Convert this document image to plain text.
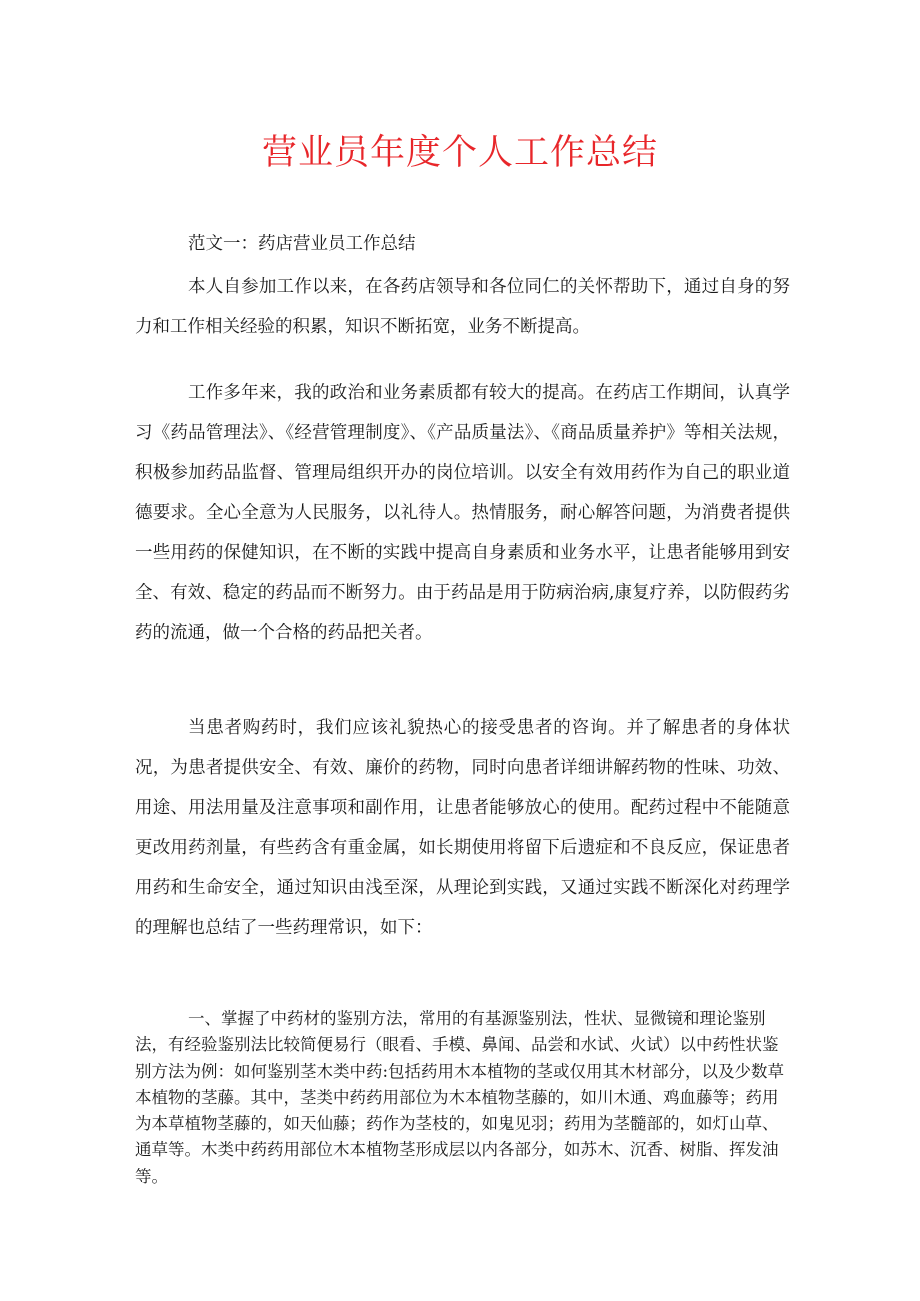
营业员年度个人工作总结

范文一：药店营业员工作总结

本人自参加工作以来，在各药店领导和各位同仁的关怀帮助下，通过自身的努力和工作相关经验的积累，知识不断拓宽，业务不断提高。

工作多年来，我的政治和业务素质都有较大的提高。在药店工作期间，认真学习《药品管理法》、《经营管理制度》、《产品质量法》、《商品质量养护》等相关法规，积极参加药品监督、管理局组织开办的岗位培训。以安全有效用药作为自己的职业道德要求。全心全意为人民服务，以礼待人。热情服务，耐心解答问题，为消费者提供一些用药的保健知识，在不断的实践中提高自身素质和业务水平，让患者能够用到安全、有效、稳定的药品而不断努力。由于药品是用于防病治病,康复疗养，以防假药劣药的流通，做一个合格的药品把关者。

当患者购药时，我们应该礼貌热心的接受患者的咨询。并了解患者的身体状况，为患者提供安全、有效、廉价的药物，同时向患者详细讲解药物的性味、功效、用途、用法用量及注意事项和副作用，让患者能够放心的使用。配药过程中不能随意更改用药剂量，有些药含有重金属，如长期使用将留下后遗症和不良反应，保证患者用药和生命安全，通过知识由浅至深，从理论到实践，又通过实践不断深化对药理学的理解也总结了一些药理常识，如下：

一、掌握了中药材的鉴别方法，常用的有基源鉴别法，性状、显微镜和理论鉴别法，有经验鉴别法比较简便易行（眼看、手模、鼻闻、品尝和水试、火试）以中药性状鉴别方法为例：如何鉴别茎木类中药:包括药用木本植物的茎或仅用其木材部分，以及少数草本植物的茎藤。其中，茎类中药药用部位为木本植物茎藤的，如川木通、鸡血藤等；药用为本草植物茎藤的，如天仙藤；药作为茎枝的，如鬼见羽；药用为茎髓部的，如灯山草、通草等。木类中药药用部位木本植物茎形成层以内各部分，如苏木、沉香、树脂、挥发油等。
